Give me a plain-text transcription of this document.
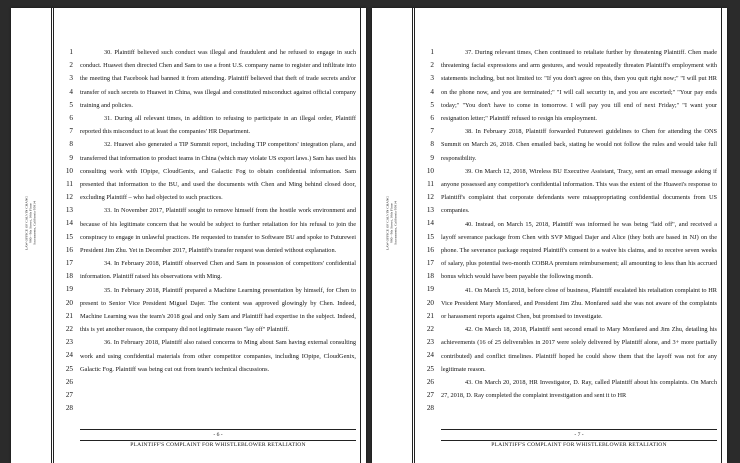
LAW OFFICE OF CALVIN CHANG 980 - 9th Street, 16th Floor Sacramento, California 95814
1
2
3
4
5
6
7
8
9
10
11
12
13
14
15
16
17
18
19
20
21
22
23
24
25
26
27
28

30. Plaintiff believed such conduct was illegal and fraudulent and he refused to engage in such conduct. Huawei then directed Chen and Sam to use a front U.S. company name to register and infiltrate into the meeting that Facebook had banned it from attending. Plaintiff believed that theft of trade secrets and/or transfer of such secrets to Huawei in China, was illegal and constituted misconduct against official company training and policies.

31. During all relevant times, in addition to refusing to participate in an illegal order, Plaintiff reported this misconduct to at least the companies' HR Department.

32. Huawei also generated a TIP Summit report, including TIP competitors' integration plans, and transferred that information to product teams in China (which may violate US export laws.) Sam has used his consulting work with IOpipe, CloudGenix, and Galactic Fog to obtain confidential information. Sam presented that information to the BU, and used the documents with Chen and Ming behind closed door, excluding Plaintiff – who had objected to such practices.

33. In November 2017, Plaintiff sought to remove himself from the hostile work environment and because of his legitimate concern that he would be subject to further retaliation for his refusal to join the conspiracy to engage in unlawful practices. He requested to transfer to Software BU and spoke to Futurewei President Jim Zhu. Yet in December 2017, Plaintiff's transfer request was denied without explanation.

34. In February 2018, Plaintiff observed Chen and Sam in possession of competitors' confidential information. Plaintiff raised his observations with Ming.

35. In February 2018, Plaintiff prepared a Machine Learning presentation by himself, for Chen to present to Senior Vice President Miguel Dajer. The content was approved glowingly by Chen. Indeed, Machine Learning was the team's 2018 goal and only Sam and Plaintiff had expertise in the subject. Indeed, this is yet another reason, the company did not legitimate reason "lay off" Plaintiff.

36. In February 2018, Plaintiff also raised concerns to Ming about Sam having external consulting work and using confidential materials from other competitor companies, including IOpipe, CloudGenix, Galactic Fog. Plaintiff was being cut out from team's technical discussions.

- 6 -
PLAINTIFF'S COMPLAINT FOR WHISTLEBLOWER RETALIATION
LAW OFFICE OF CALVIN CHANG 980 - 9th Street, 16th Floor Sacramento, California 95814
1
2
3
4
5
6
7
8
9
10
11
12
13
14
15
16
17
18
19
20
21
22
23
24
25
26
27
28

37. During relevant times, Chen continued to retaliate further by threatening Plaintiff. Chen made threatening facial expressions and arm gestures, and would repeatedly threaten Plaintiff's employment with statements including, but not limited to: "If you don't agree on this, then you quit right now;" "I will put HR on the phone now, and you are terminated;" "I will call security in, and you are escorted;" "Your pay ends today;" "You don't have to come in tomorrow. I will pay you till end of next Friday;" "I want your resignation letter;" Plaintiff refused to resign his employment.

38. In February 2018, Plaintiff forwarded Futurewei guidelines to Chen for attending the ONS Summit on March 26, 2018. Chen emailed back, stating he would not follow the rules and would take full responsibility.

39. On March 12, 2018, Wireless BU Executive Assistant, Tracy, sent an email message asking if anyone possessed any competitor's confidential information. This was the extent of the Huawei's response to Plaintiff's complaint that corporate defendants were misappropriating confidential documents from US companies.

40. Instead, on March 15, 2018, Plaintiff was informed he was being "laid off", and received a layoff severance package from Chen with SVP Miguel Dajer and Alice (they both are based in NJ) on the phone. The severance package required Plaintiff's consent to a waive his claims, and to receive seven weeks of salary, plus potential two-month COBRA premium reimbursement; all amounting to less than his accrued bonus which would have been payable the following month.

41. On March 15, 2018, before close of business, Plaintiff escalated his retaliation complaint to HR Vice President Mary Monfared, and President Jim Zhu. Monfared said she was not aware of the complaints or harassment reports against Chen, but promised to investigate.

42. On March 18, 2018, Plaintiff sent second email to Mary Monfared and Jim Zhu, detailing his achievements (16 of 25 deliverables in 2017 were solely delivered by Plaintiff alone, and 3+ more partially contributed) and conflict timelines. Plaintiff hoped he could show them that the layoff was not for any legitimate reason.

43. On March 20, 2018, HR Investigator, D. Ray, called Plaintiff about his complaints. On March 27, 2018, D. Ray completed the complaint investigation and sent it to HR

- 7 -
PLAINTIFF'S COMPLAINT FOR WHISTLEBLOWER RETALIATION
